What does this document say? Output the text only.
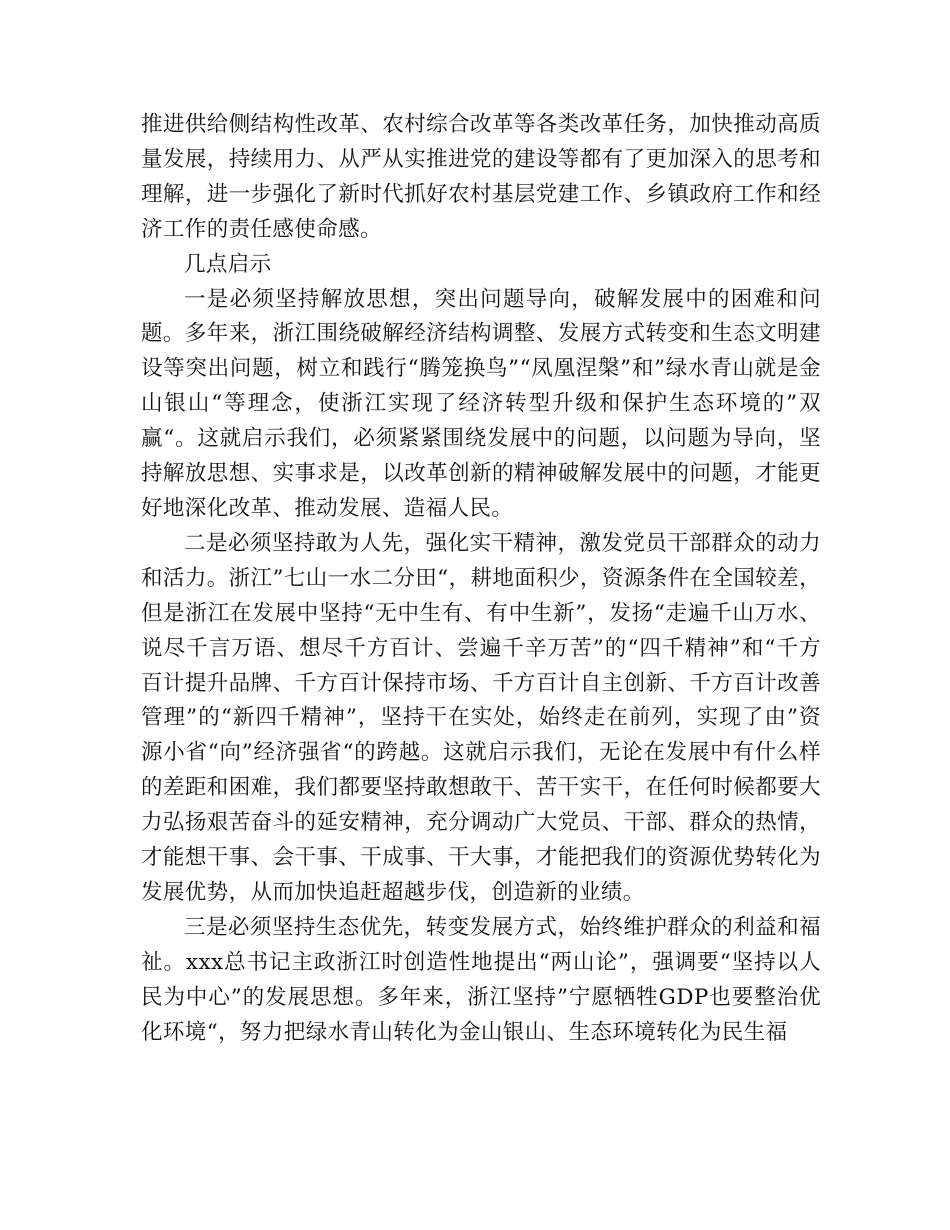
推进供给侧结构性改革、农村综合改革等各类改革任务，加快推动高质量发展，持续用力、从严从实推进党的建设等都有了更加深入的思考和理解，进一步强化了新时代抓好农村基层党建工作、乡镇政府工作和经济工作的责任感使命感。

几点启示

一是必须坚持解放思想，突出问题导向，破解发展中的困难和问题。多年来，浙江围绕破解经济结构调整、发展方式转变和生态文明建设等突出问题，树立和践行“腾笼换鸟”“凤凰涅槃”和”绿水青山就是金山银山“等理念，使浙江实现了经济转型升级和保护生态环境的”双赢“。这就启示我们，必须紧紧围绕发展中的问题，以问题为导向，坚持解放思想、实事求是，以改革创新的精神破解发展中的问题，才能更好地深化改革、推动发展、造福人民。

二是必须坚持敢为人先，强化实干精神，激发党员干部群众的动力和活力。浙江”七山一水二分田“，耕地面积少，资源条件在全国较差，但是浙江在发展中坚持“无中生有、有中生新”，发扬“走遍千山万水、说尽千言万语、想尽千方百计、尝遍千辛万苦”的“四千精神”和“千方百计提升品牌、千方百计保持市场、千方百计自主创新、千方百计改善管理”的“新四千精神”，坚持干在实处，始终走在前列，实现了由”资源小省“向”经济强省“的跨越。这就启示我们，无论在发展中有什么样的差距和困难，我们都要坚持敢想敢干、苦干实干，在任何时候都要大力弘扬艰苦奋斗的延安精神，充分调动广大党员、干部、群众的热情，才能想干事、会干事、干成事、干大事，才能把我们的资源优势转化为发展优势，从而加快追赶超越步伐，创造新的业绩。

三是必须坚持生态优先，转变发展方式，始终维护群众的利益和福祉。xxx总书记主政浙江时创造性地提出“两山论”，强调要“坚持以人民为中心”的发展思想。多年来，浙江坚持”宁愿牺牲GDP也要整治优化环境“，努力把绿水青山转化为金山银山、生态环境转化为民生福
